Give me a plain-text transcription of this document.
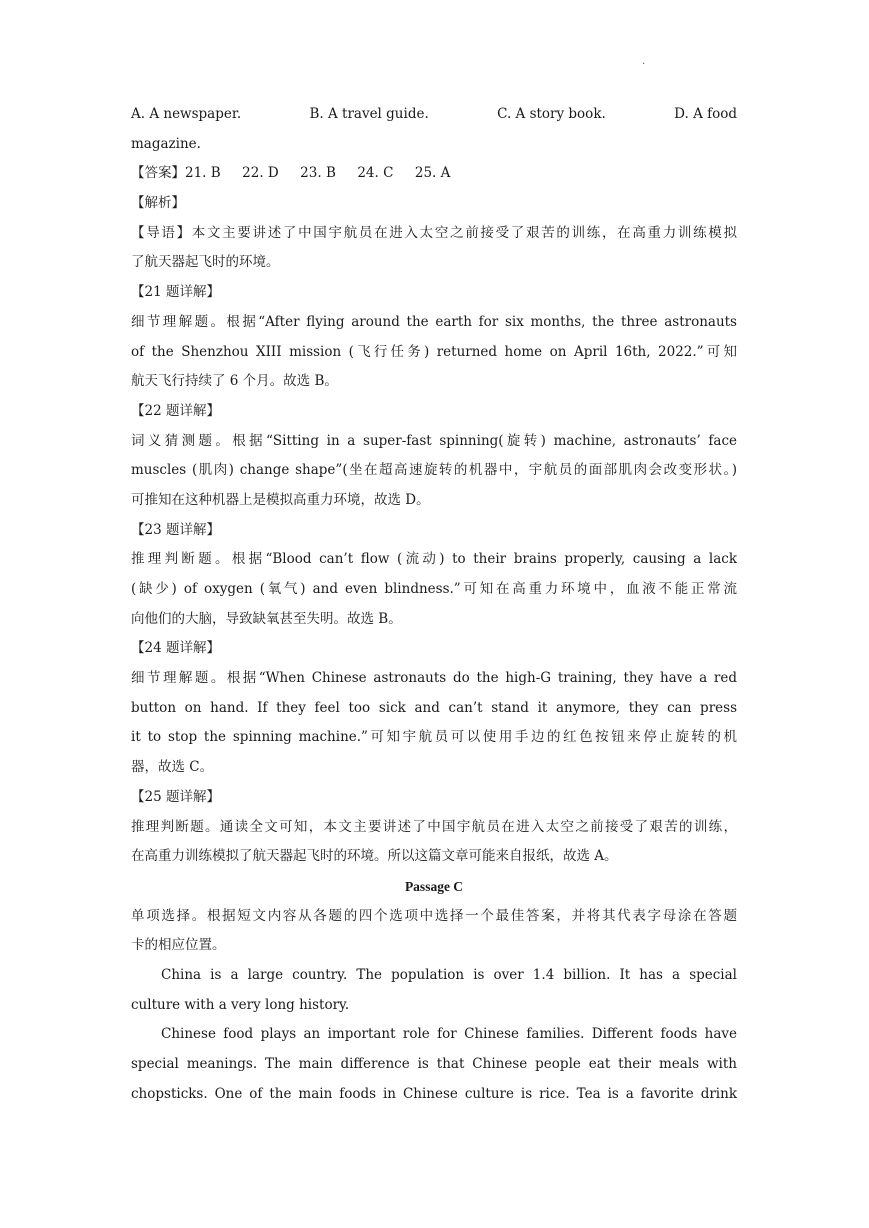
.
A. A newspaper.	B. A travel guide.	C. A story book.	D. A food
magazine.
【答案】21. B     22. D     23. B     24. C     25. A
【解析】
【导语】本文主要讲述了中国宇航员在进入太空之前接受了艰苦的训练，在高重力训练模拟
了航天器起飞时的环境。
【21 题详解】
细节理解题。根据“After flying around the earth for six months, the three astronauts
of the Shenzhou XIII mission (飞行任务) returned home on April 16th, 2022.”可知
航天飞行持续了 6 个月。故选 B。
【22 题详解】
词义猜测题。根据“Sitting in a super-fast spinning(旋转) machine, astronauts’ face
muscles (肌肉) change shape”(坐在超高速旋转的机器中，宇航员的面部肌肉会改变形状。)
可推知在这种机器上是模拟高重力环境，故选 D。
【23 题详解】
推理判断题。根据“Blood can’t flow (流动) to their brains properly, causing a lack
(缺少) of oxygen (氧气) and even blindness.”可知在高重力环境中，血液不能正常流
向他们的大脑，导致缺氧甚至失明。故选 B。
【24 题详解】
细节理解题。根据“When Chinese astronauts do the high-G training, they have a red
button on hand. If they feel too sick and can’t stand it anymore, they can press
it to stop the spinning machine.”可知宇航员可以使用手边的红色按钮来停止旋转的机
器，故选 C。
【25 题详解】
推理判断题。通读全文可知，本文主要讲述了中国宇航员在进入太空之前接受了艰苦的训练，
在高重力训练模拟了航天器起飞时的环境。所以这篇文章可能来自报纸，故选 A。
Passage C
单项选择。根据短文内容从各题的四个选项中选择一个最佳答案，并将其代表字母涂在答题
卡的相应位置。
China is a large country. The population is over 1.4 billion. It has a special
culture with a very long history.
Chinese food plays an important role for Chinese families. Different foods have
special meanings. The main difference is that Chinese people eat their meals with
chopsticks. One of the main foods in Chinese culture is rice. Tea is a favorite drink
